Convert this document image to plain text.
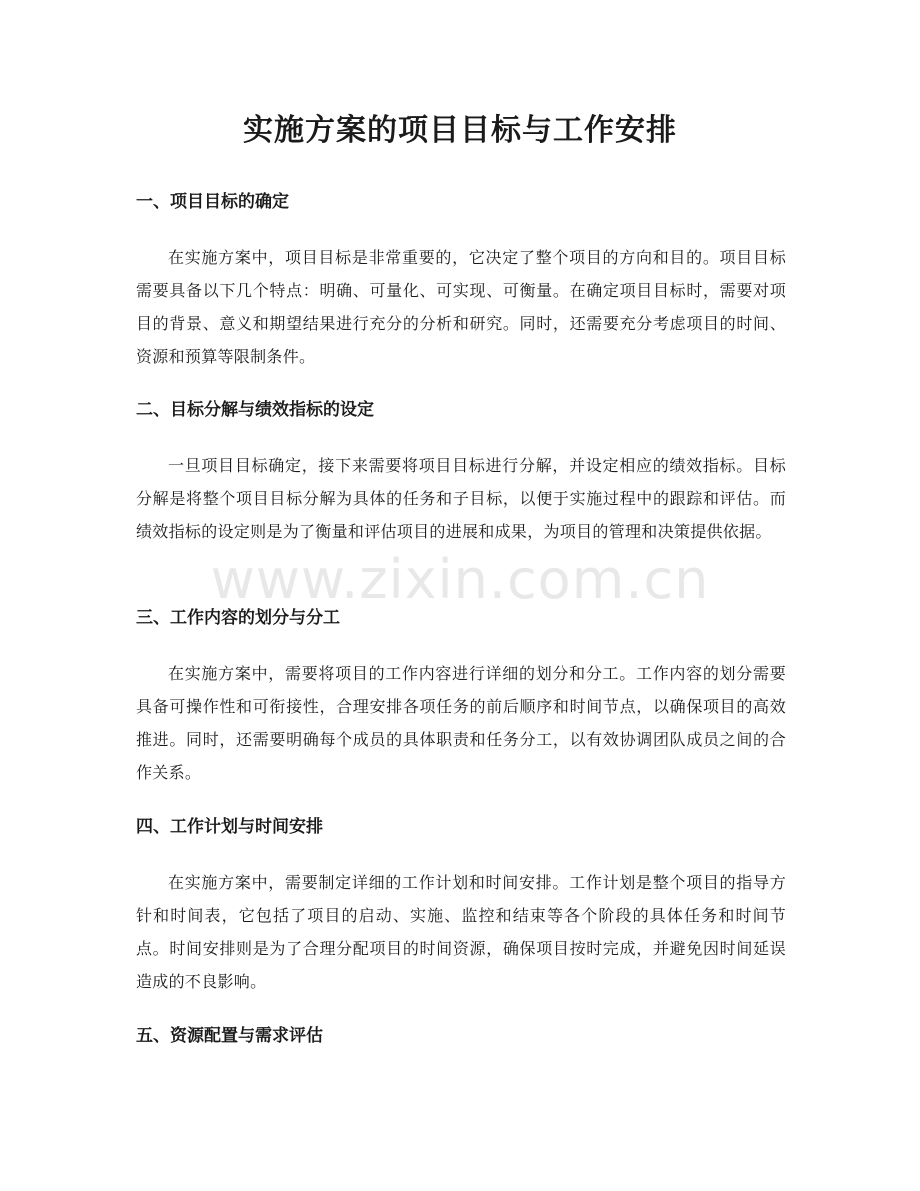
实施方案的项目目标与工作安排
一、项目目标的确定

在实施方案中，项目目标是非常重要的，它决定了整个项目的方向和目的。项目目标需要具备以下几个特点：明确、可量化、可实现、可衡量。在确定项目目标时，需要对项目的背景、意义和期望结果进行充分的分析和研究。同时，还需要充分考虑项目的时间、资源和预算等限制条件。

二、目标分解与绩效指标的设定

一旦项目目标确定，接下来需要将项目目标进行分解，并设定相应的绩效指标。目标分解是将整个项目目标分解为具体的任务和子目标，以便于实施过程中的跟踪和评估。而绩效指标的设定则是为了衡量和评估项目的进展和成果，为项目的管理和决策提供依据。

三、工作内容的划分与分工

在实施方案中，需要将项目的工作内容进行详细的划分和分工。工作内容的划分需要具备可操作性和可衔接性，合理安排各项任务的前后顺序和时间节点，以确保项目的高效推进。同时，还需要明确每个成员的具体职责和任务分工，以有效协调团队成员之间的合作关系。

四、工作计划与时间安排

在实施方案中，需要制定详细的工作计划和时间安排。工作计划是整个项目的指导方针和时间表，它包括了项目的启动、实施、监控和结束等各个阶段的具体任务和时间节点。时间安排则是为了合理分配项目的时间资源，确保项目按时完成，并避免因时间延误造成的不良影响。

五、资源配置与需求评估
www.zixin.com.cn
